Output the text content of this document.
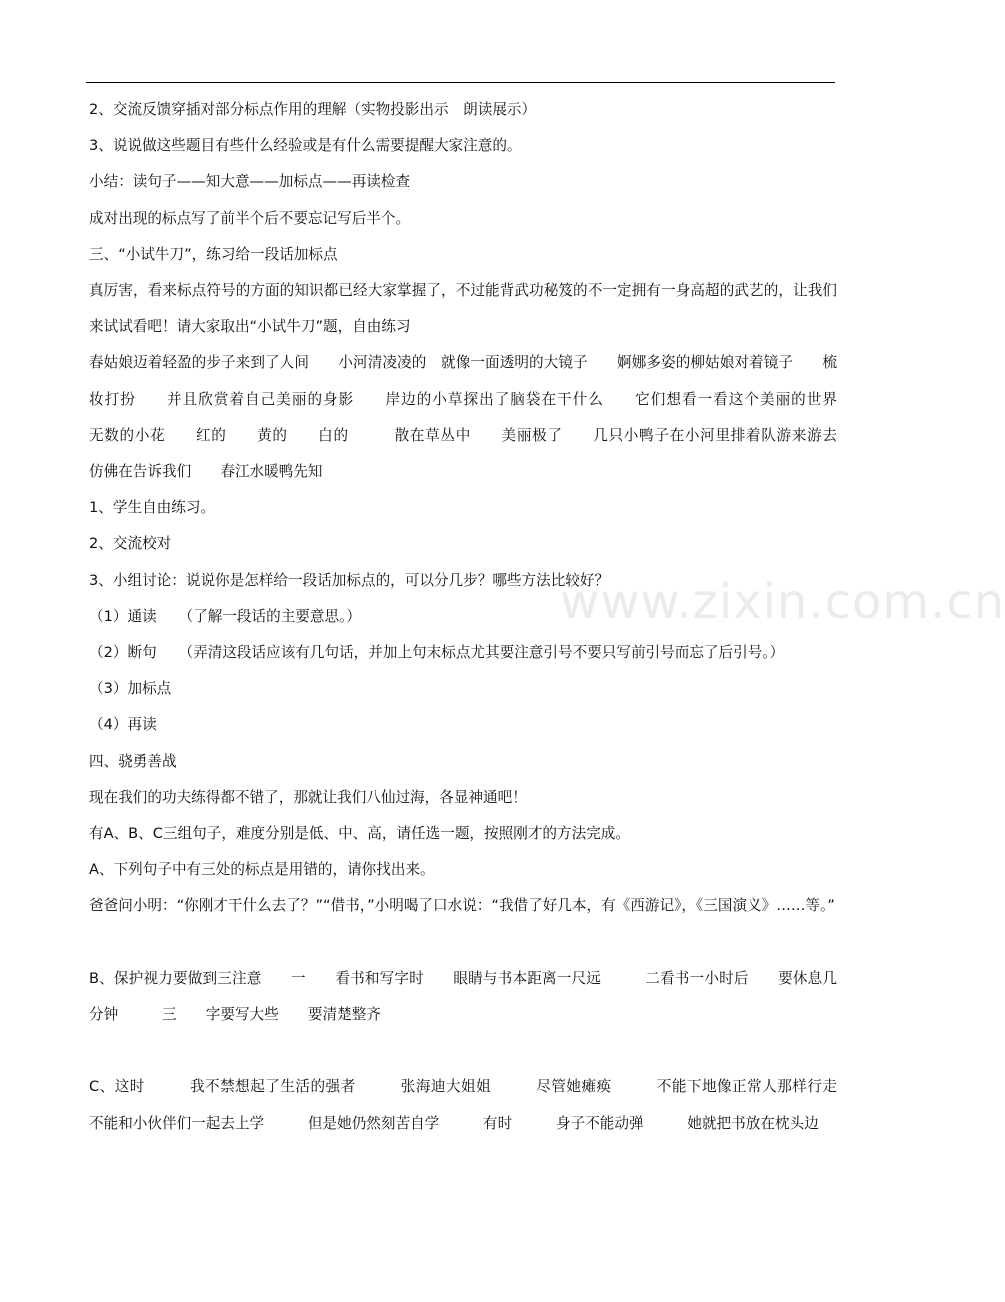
2、交流反馈穿插对部分标点作用的理解（实物投影出示　朗读展示）

3、说说做这些题目有些什么经验或是有什么需要提醒大家注意的。

小结：读句子——知大意——加标点——再读检查

成对出现的标点写了前半个后不要忘记写后半个。

三、“小试牛刀”，练习给一段话加标点

真厉害，看来标点符号的方面的知识都已经大家掌握了，不过能背武功秘笈的不一定拥有一身高超的武艺的，让我们来试试看吧！请大家取出“小试牛刀”题，自由练习

春姑娘迈着轻盈的步子来到了人间　　小河清凌凌的　就像一面透明的大镜子　　婀娜多姿的柳姑娘对着镜子　　梳妆打扮　　并且欣赏着自己美丽的身影　　岸边的小草探出了脑袋在干什么　　它们想看一看这个美丽的世界　　　无数的小花　　红的　　黄的　　白的　　　散在草丛中　　美丽极了　　几只小鸭子在小河里排着队游来游去　　仿佛在告诉我们　　春江水暖鸭先知

1、学生自由练习。

2、交流校对

3、小组讨论：说说你是怎样给一段话加标点的，可以分几步？哪些方法比较好？

（1）通读　　（了解一段话的主要意思。）

（2）断句　　（弄清这段话应该有几句话，并加上句末标点尤其要注意引号不要只写前引号而忘了后引号。）

（3）加标点

（4）再读

四、骁勇善战

现在我们的功夫练得都不错了，那就让我们八仙过海，各显神通吧！

有A、B、C三组句子，难度分别是低、中、高，请任选一题，按照刚才的方法完成。

A、下列句子中有三处的标点是用错的，请你找出来。

爸爸问小明：“你刚才干什么去了？”“借书，”小明喝了口水说：“我借了好几本，有《西游记》，《三国演义》……等。”

B、保护视力要做到三注意　　一　　看书和写字时　　眼睛与书本距离一尺远　　　二看书一小时后　　要休息几分钟　　　三　　字要写大些　　要清楚整齐

C、这时　　　我不禁想起了生活的强者　　　张海迪大姐姐　　　尽管她瘫痪　　　不能下地像正常人那样行走　不能和小伙伴们一起去上学　　　但是她仍然刻苦自学　　　有时　　　身子不能动弹　　　她就把书放在枕头边

www.zixin.com.cn
